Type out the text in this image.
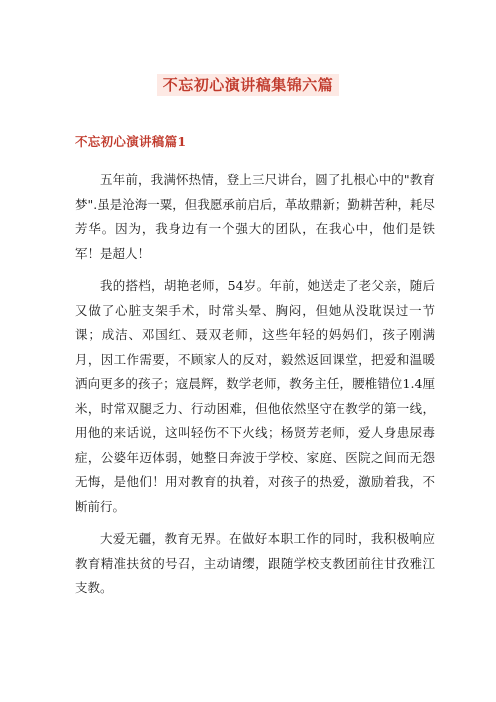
不忘初心演讲稿集锦六篇
不忘初心演讲稿篇1

五年前，我满怀热情，登上三尺讲台，圆了扎根心中的"教育梦".虽是沧海一粟，但我愿承前启后，革故鼎新；勤耕苦种，耗尽芳华。因为，我身边有一个强大的团队，在我心中，他们是铁军！是超人！

我的搭档，胡艳老师，54岁。年前，她送走了老父亲，随后又做了心脏支架手术，时常头晕、胸闷，但她从没耽误过一节课；成洁、邓国红、聂双老师，这些年轻的妈妈们，孩子刚满月，因工作需要，不顾家人的反对，毅然返回课堂，把爱和温暖洒向更多的孩子；寇晨辉，数学老师，教务主任，腰椎错位1.4厘米，时常双腿乏力、行动困难，但他依然坚守在教学的第一线，用他的来话说，这叫轻伤不下火线；杨贤芳老师，爱人身患尿毒症，公婆年迈体弱，她整日奔波于学校、家庭、医院之间而无怨无悔，是他们！用对教育的执着，对孩子的热爱，激励着我，不断前行。

大爱无疆，教育无界。在做好本职工作的同时，我积极响应教育精准扶贫的号召，主动请缨，跟随学校支教团前往甘孜雅江支教。
